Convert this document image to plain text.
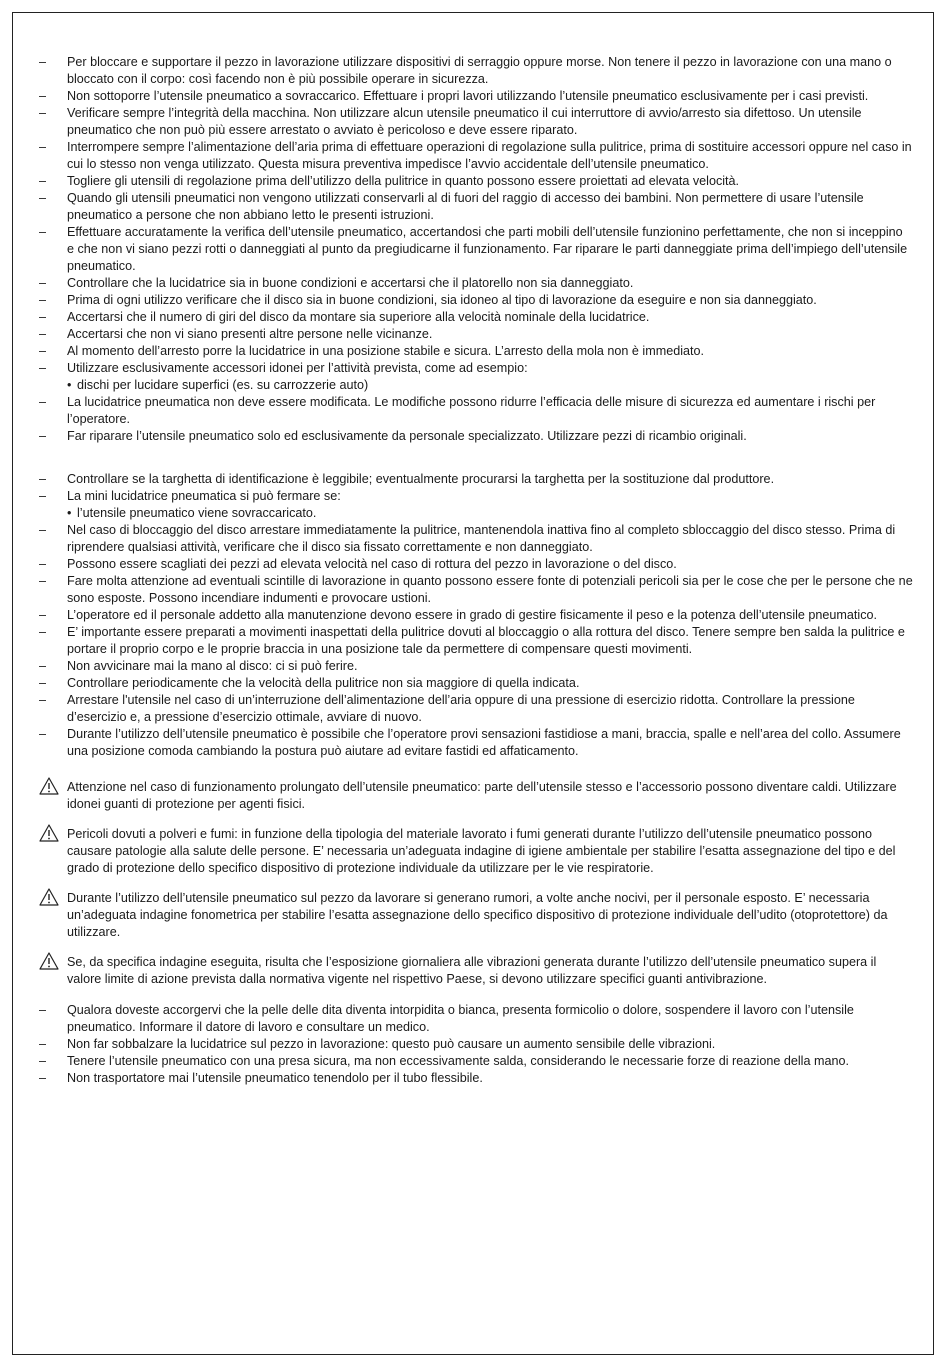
– Per bloccare e supportare il pezzo in lavorazione utilizzare dispositivi di serraggio oppure morse. Non tenere il pezzo in lavorazione con una mano o bloccato con il corpo: così facendo non è più possibile operare in sicurezza.
– Non sottoporre l’utensile pneumatico a sovraccarico. Effettuare i propri lavori utilizzando l’utensile pneumatico esclusivamente per i casi previsti.
– Verificare sempre l’integrità della macchina. Non utilizzare alcun utensile pneumatico il cui interruttore di avvio/arresto sia difettoso. Un utensile pneumatico che non può più essere arrestato o avviato è pericoloso e deve essere riparato.
– Interrompere sempre l’alimentazione dell’aria prima di effettuare operazioni di regolazione sulla pulitrice, prima di sostituire accessori oppure nel caso in cui lo stesso non venga utilizzato. Questa misura preventiva impedisce l’avvio accidentale dell’utensile pneumatico.
– Togliere gli utensili di regolazione prima dell’utilizzo della pulitrice in quanto possono essere proiettati ad elevata velocità.
– Quando gli utensili pneumatici non vengono utilizzati conservarli al di fuori del raggio di accesso dei bambini. Non permettere di usare l’utensile pneumatico a persone che non abbiano letto le presenti istruzioni.
– Effettuare accuratamente la verifica dell’utensile pneumatico, accertandosi che parti mobili dell’utensile funzionino perfettamente, che non si inceppino e che non vi siano pezzi rotti o danneggiati al punto da pregiudicarne il funzionamento. Far riparare le parti danneggiate prima dell’impiego dell’utensile pneumatico.
– Controllare che la lucidatrice sia in buone condizioni e accertarsi che il platorello non sia danneggiato.
– Prima di ogni utilizzo verificare che il disco sia in buone condizioni, sia idoneo al tipo di lavorazione da eseguire e non sia danneggiato.
– Accertarsi che il numero di giri del disco da montare sia superiore alla velocità nominale della lucidatrice.
– Accertarsi che non vi siano presenti altre persone nelle vicinanze.
– Al momento dell’arresto porre la lucidatrice in una posizione stabile e sicura. L’arresto della mola non è immediato.
– Utilizzare esclusivamente accessori idonei per l’attività prevista, come ad esempio:
• dischi per lucidare superfici (es. su carrozzerie auto)
– La lucidatrice pneumatica non deve essere modificata. Le modifiche possono ridurre l’efficacia delle misure di sicurezza ed aumentare i rischi per l’operatore.
– Far riparare l’utensile pneumatico solo ed esclusivamente da personale specializzato. Utilizzare pezzi di ricambio originali.
– Controllare se la targhetta di identificazione è leggibile; eventualmente procurarsi la targhetta per la sostituzione dal produttore.
– La mini lucidatrice pneumatica si può fermare se:
• l’utensile pneumatico viene sovraccaricato.
– Nel caso di bloccaggio del disco arrestare immediatamente la pulitrice, mantenendola inattiva fino al completo sbloccaggio del disco stesso. Prima di riprendere qualsiasi attività, verificare che il disco sia fissato correttamente e non danneggiato.
– Possono essere scagliati dei pezzi ad elevata velocità nel caso di rottura del pezzo in lavorazione o del disco.
– Fare molta attenzione ad eventuali scintille di lavorazione in quanto possono essere fonte di potenziali pericoli sia per le cose che per le persone che ne sono esposte. Possono incendiare indumenti e provocare ustioni.
– L’operatore ed il personale addetto alla manutenzione devono essere in grado di gestire fisicamente il peso e la potenza dell’utensile pneumatico.
– E’ importante essere preparati a movimenti inaspettati della pulitrice dovuti al bloccaggio o alla rottura del disco. Tenere sempre ben salda la pulitrice e portare il proprio corpo e le proprie braccia in una posizione tale da permettere di compensare questi movimenti.
– Non avvicinare mai la mano al disco: ci si può ferire.
– Controllare periodicamente che la velocità della pulitrice non sia maggiore di quella indicata.
– Arrestare l'utensile nel caso di un’interruzione dell’alimentazione dell’aria oppure di una pressione di esercizio ridotta. Controllare la pressione d’esercizio e, a pressione d’esercizio ottimale, avviare di nuovo.
– Durante l’utilizzo dell’utensile pneumatico è possibile che l’operatore provi sensazioni fastidiose a mani, braccia, spalle e nell’area del collo. Assumere una posizione comoda cambiando la postura può aiutare ad evitare fastidi ed affaticamento.
Attenzione nel caso di funzionamento prolungato dell’utensile pneumatico: parte dell’utensile stesso e l’accessorio possono diventare caldi. Utilizzare idonei guanti di protezione per agenti fisici.
Pericoli dovuti a polveri e fumi: in funzione della tipologia del materiale lavorato i fumi generati durante l’utilizzo dell’utensile pneumatico possono causare patologie alla salute delle persone. E’ necessaria un’adeguata indagine di igiene ambientale per stabilire l’esatta assegnazione del tipo e del grado di protezione dello specifico dispositivo di protezione individuale da utilizzare per le vie respiratorie.
Durante l’utilizzo dell’utensile pneumatico sul pezzo da lavorare si generano rumori, a volte anche nocivi, per il personale esposto. E’ necessaria un’adeguata indagine fonometrica per stabilire l’esatta assegnazione dello specifico dispositivo di protezione individuale dell’udito (otoprotettore) da utilizzare.
Se, da specifica indagine eseguita, risulta che l’esposizione giornaliera alle vibrazioni generata durante l’utilizzo dell’utensile pneumatico supera il valore limite di azione prevista dalla normativa vigente nel rispettivo Paese, si devono utilizzare specifici guanti antivibrazione.
– Qualora doveste accorgervi che la pelle delle dita diventa intorpidita o bianca, presenta formicolio o dolore, sospendere il lavoro con l’utensile pneumatico. Informare il datore di lavoro e consultare un medico.
– Non far sobbalzare la lucidatrice sul pezzo in lavorazione: questo può causare un aumento sensibile delle vibrazioni.
– Tenere l’utensile pneumatico con una presa sicura, ma non eccessivamente salda, considerando le necessarie forze di reazione della mano.
– Non trasportatore mai l’utensile pneumatico tenendolo per il tubo flessibile.
